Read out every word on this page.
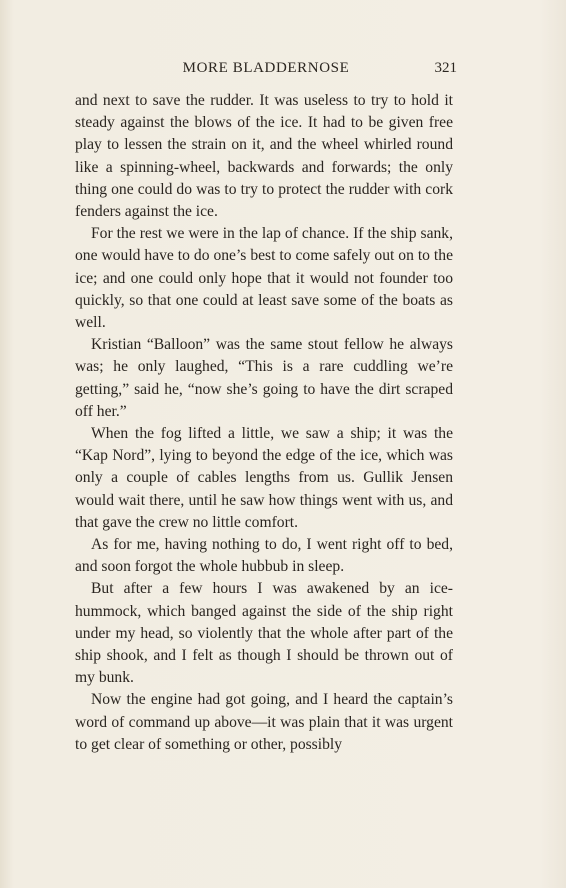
MORE BLADDERNOSE	321

and next to save the rudder. It was useless to try to hold it steady against the blows of the ice. It had to be given free play to lessen the strain on it, and the wheel whirled round like a spinning-wheel, backwards and forwards; the only thing one could do was to try to protect the rudder with cork fenders against the ice.

For the rest we were in the lap of chance. If the ship sank, one would have to do one’s best to come safely out on to the ice; and one could only hope that it would not founder too quickly, so that one could at least save some of the boats as well.

Kristian “Balloon” was the same stout fellow he always was; he only laughed, “This is a rare cuddling we’re getting,” said he, “now she’s going to have the dirt scraped off her.”

When the fog lifted a little, we saw a ship; it was the “Kap Nord”, lying to beyond the edge of the ice, which was only a couple of cables lengths from us. Gullik Jensen would wait there, until he saw how things went with us, and that gave the crew no little comfort.

As for me, having nothing to do, I went right off to bed, and soon forgot the whole hubbub in sleep.

But after a few hours I was awakened by an ice-hummock, which banged against the side of the ship right under my head, so violently that the whole after part of the ship shook, and I felt as though I should be thrown out of my bunk.

Now the engine had got going, and I heard the captain’s word of command up above—it was plain that it was urgent to get clear of something or other, possibly
